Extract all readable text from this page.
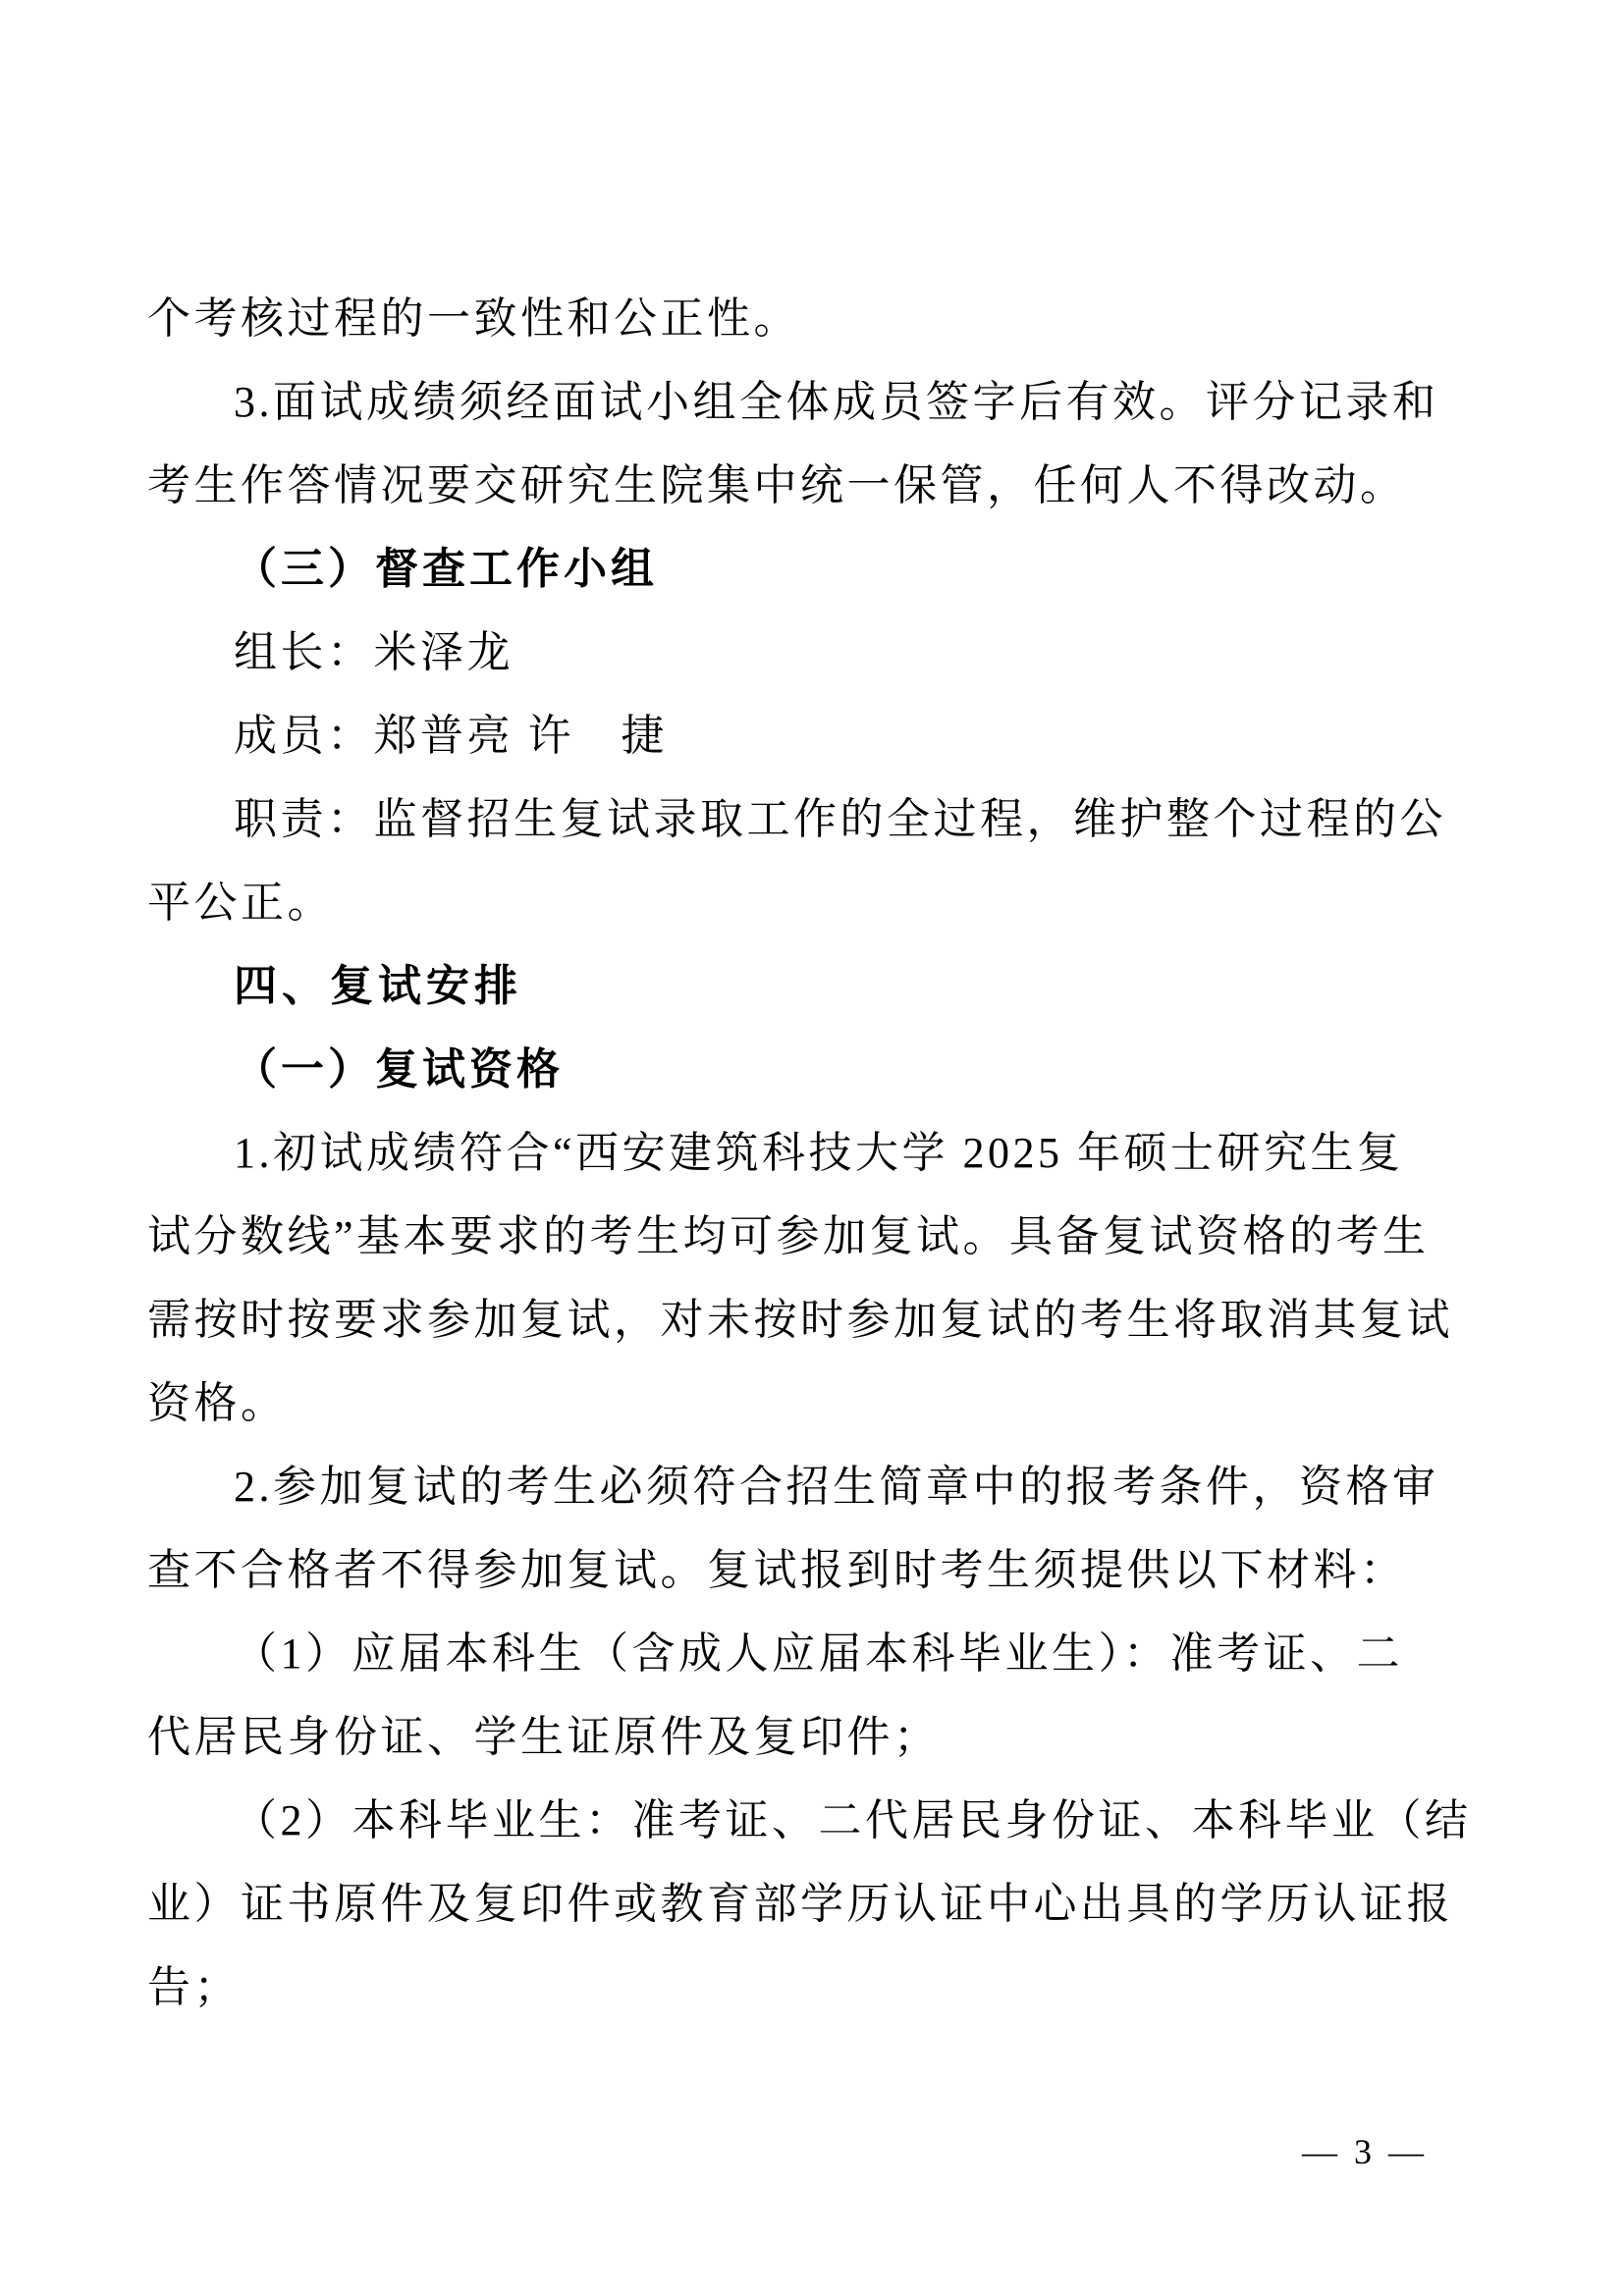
个考核过程的一致性和公正性。
3.面试成绩须经面试小组全体成员签字后有效。评分记录和
考生作答情况要交研究生院集中统一保管，任何人不得改动。
（三）督查工作小组
组长：米泽龙
成员：郑普亮 许　捷
职责：监督招生复试录取工作的全过程，维护整个过程的公
平公正。
四、复试安排
（一）复试资格
1.初试成绩符合“西安建筑科技大学 2025 年硕士研究生复
试分数线”基本要求的考生均可参加复试。具备复试资格的考生
需按时按要求参加复试，对未按时参加复试的考生将取消其复试
资格。
2.参加复试的考生必须符合招生简章中的报考条件，资格审
查不合格者不得参加复试。复试报到时考生须提供以下材料：
（1）应届本科生（含成人应届本科毕业生）：准考证、二
代居民身份证、学生证原件及复印件；
（2）本科毕业生：准考证、二代居民身份证、本科毕业（结
业）证书原件及复印件或教育部学历认证中心出具的学历认证报
告；
— 3 —
